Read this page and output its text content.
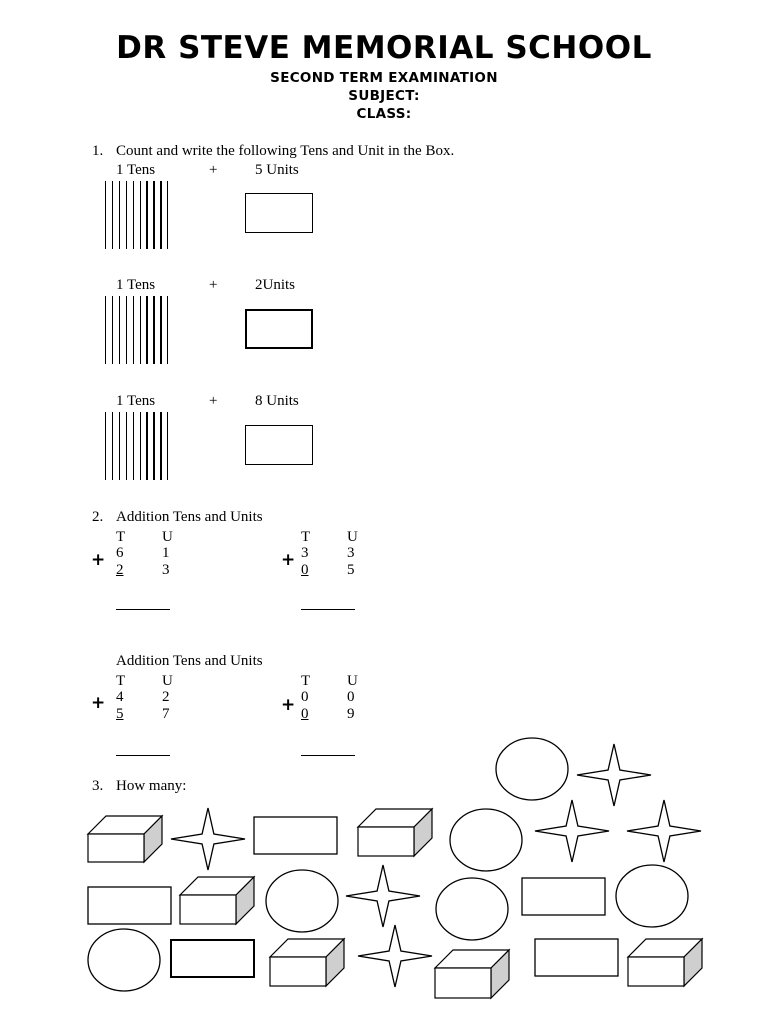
DR STEVE MEMORIAL SCHOOL
SECOND TERM EXAMINATION
SUBJECT:
CLASS:
1. Count and write the following Tens and Unit in the Box.
1 Tens	+	5 Units
1 Tens	+	2Units
1 Tens	+	8 Units
2. Addition Tens and Units
T U
+ 6	1
2	3
T U
+ 3	3
0	5
Addition Tens and Units
T U
+ 4	2
5	7
T U
+ 0	0
0	9
3. How many:
